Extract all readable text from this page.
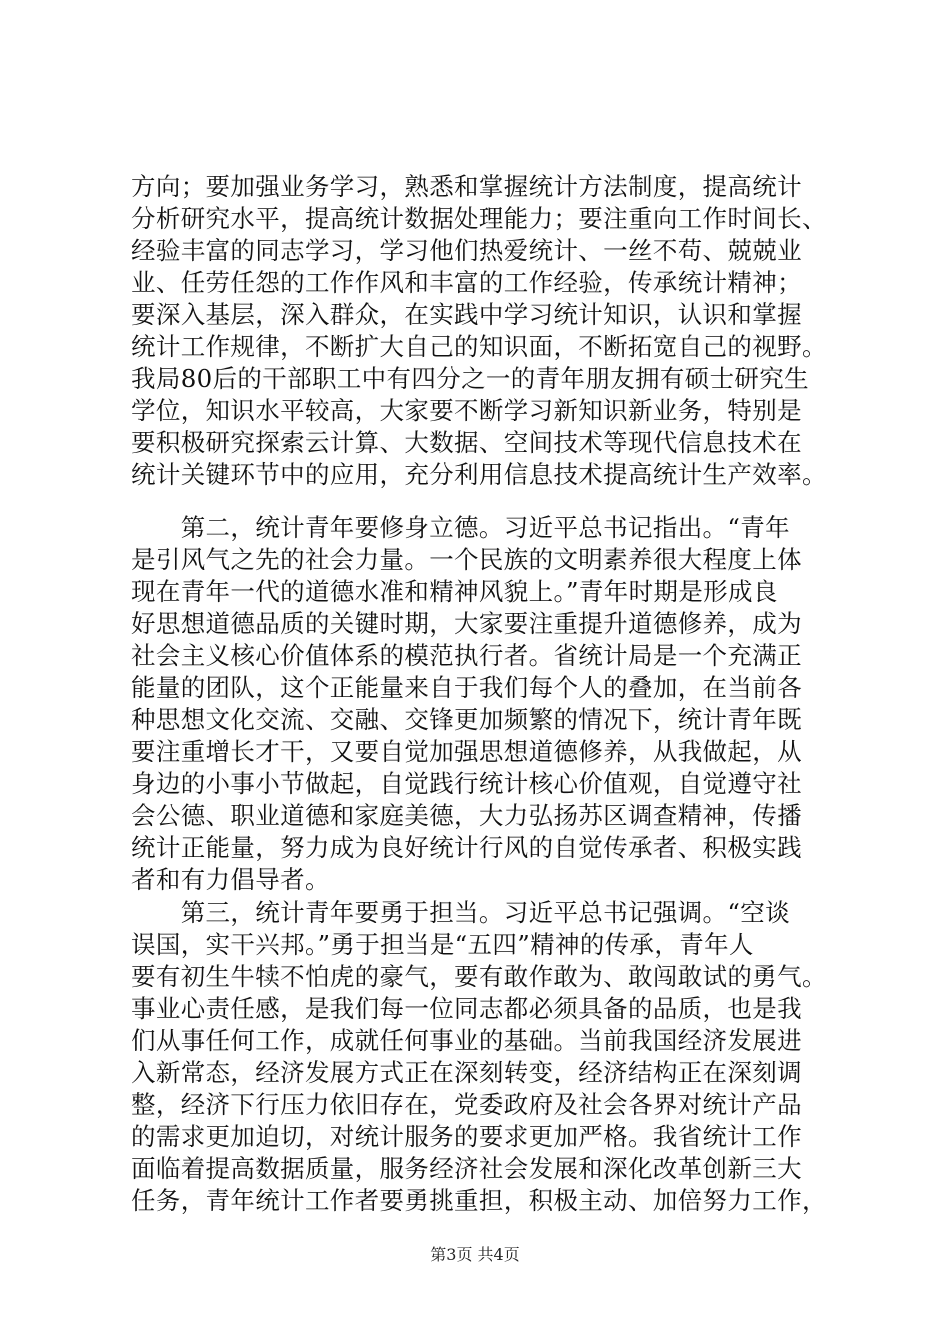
方向；要加强业务学习，熟悉和掌握统计方法制度，提高统计
分析研究水平，提高统计数据处理能力；要注重向工作时间长、
经验丰富的同志学习，学习他们热爱统计、一丝不苟、兢兢业
业、任劳任怨的工作作风和丰富的工作经验，传承统计精神；
要深入基层，深入群众，在实践中学习统计知识，认识和掌握
统计工作规律，不断扩大自己的知识面，不断拓宽自己的视野。
我局80后的干部职工中有四分之一的青年朋友拥有硕士研究生
学位，知识水平较高，大家要不断学习新知识新业务，特别是
要积极研究探索云计算、大数据、空间技术等现代信息技术在
统计关键环节中的应用，充分利用信息技术提高统计生产效率。
　　第二，统计青年要修身立德。习近平总书记指出。“青年
是引风气之先的社会力量。一个民族的文明素养很大程度上体
现在青年一代的道德水准和精神风貌上。”青年时期是形成良
好思想道德品质的关键时期，大家要注重提升道德修养，成为
社会主义核心价值体系的模范执行者。省统计局是一个充满正
能量的团队，这个正能量来自于我们每个人的叠加，在当前各
种思想文化交流、交融、交锋更加频繁的情况下，统计青年既
要注重增长才干，又要自觉加强思想道德修养，从我做起，从
身边的小事小节做起，自觉践行统计核心价值观，自觉遵守社
会公德、职业道德和家庭美德，大力弘扬苏区调查精神，传播
统计正能量，努力成为良好统计行风的自觉传承者、积极实践
者和有力倡导者。
　　第三，统计青年要勇于担当。习近平总书记强调。“空谈
误国，实干兴邦。”勇于担当是“五四”精神的传承，青年人
要有初生牛犊不怕虎的豪气，要有敢作敢为、敢闯敢试的勇气。
事业心责任感，是我们每一位同志都必须具备的品质，也是我
们从事任何工作，成就任何事业的基础。当前我国经济发展进
入新常态，经济发展方式正在深刻转变，经济结构正在深刻调
整，经济下行压力依旧存在，党委政府及社会各界对统计产品
的需求更加迫切，对统计服务的要求更加严格。我省统计工作
面临着提高数据质量，服务经济社会发展和深化改革创新三大
任务，青年统计工作者要勇挑重担，积极主动、加倍努力工作，
第3页 共4页
